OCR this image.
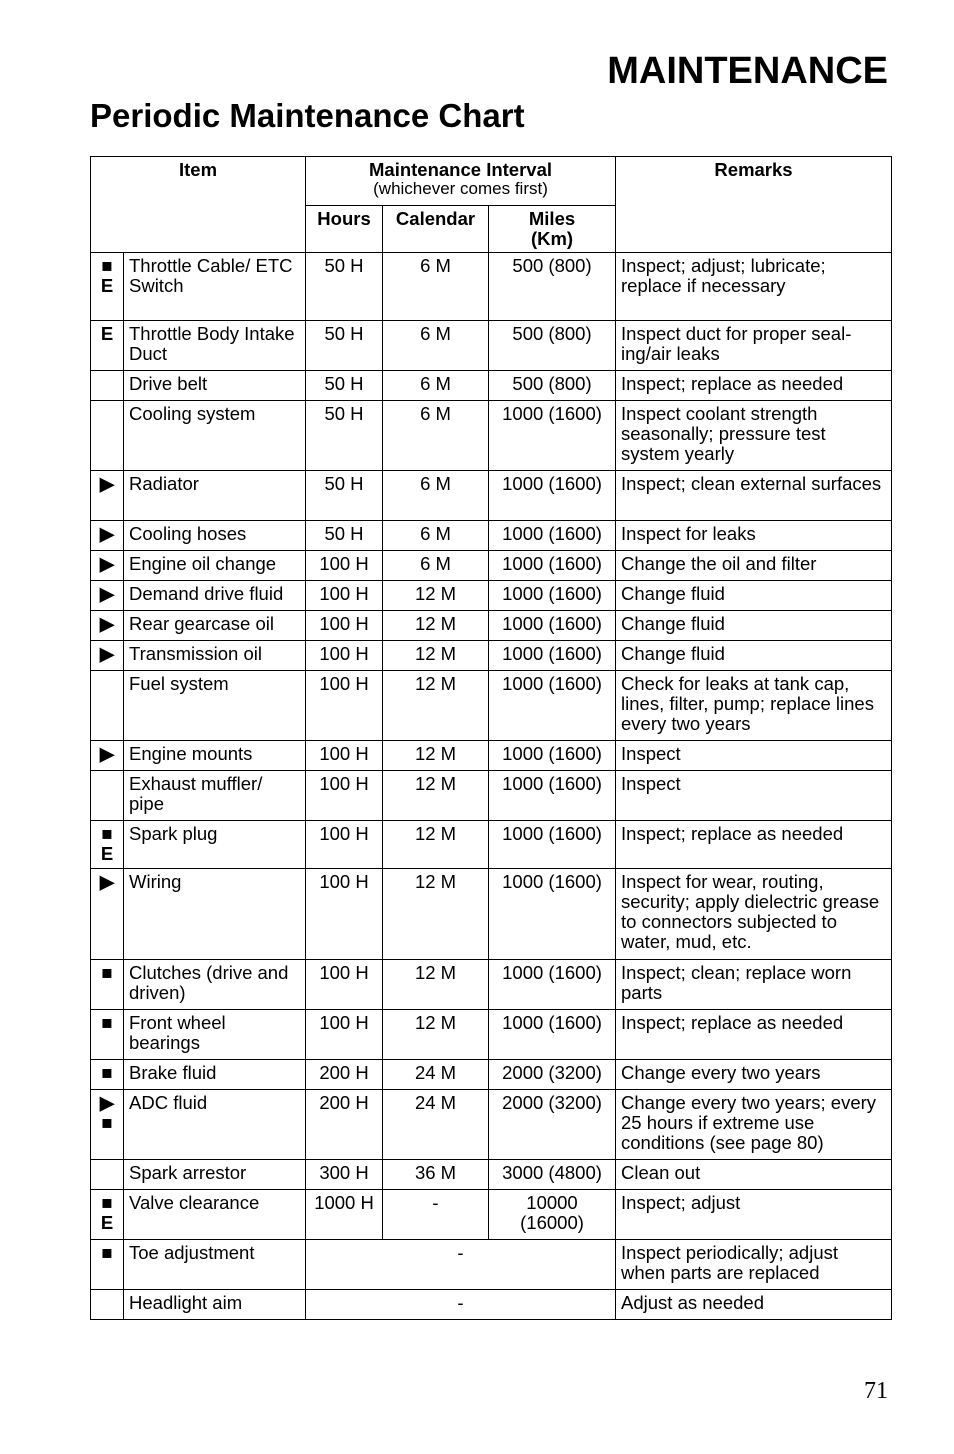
MAINTENANCE
Periodic Maintenance Chart
Item		Maintenance Interval
(whichever comes first)			Remarks
		Hours	Calendar	Miles
(Km)	

■
E	Throttle Cable/ ETC Switch	50 H	6 M	500 (800)	Inspect; adjust; lubricate; replace if necessary

E	Throttle Body Intake Duct	50 H	6 M	500 (800)	Inspect duct for proper seal-ing/air leaks
	Drive belt	50 H	6 M	500 (800)	Inspect; replace as needed
	Cooling system	50 H	6 M	1000 (1600)	Inspect coolant strength seasonally; pressure test system yearly

▶	Radiator	50 H	6 M	1000 (1600)	Inspect; clean external surfaces

▶	Cooling hoses	50 H	6 M	1000 (1600)	Inspect for leaks

▶	Engine oil change	100 H	6 M	1000 (1600)	Change the oil and filter

▶	Demand drive fluid	100 H	12 M	1000 (1600)	Change fluid

▶	Rear gearcase oil	100 H	12 M	1000 (1600)	Change fluid

▶	Transmission oil	100 H	12 M	1000 (1600)	Change fluid
	Fuel system	100 H	12 M	1000 (1600)	Check for leaks at tank cap, lines, filter, pump; replace lines every two years

▶	Engine mounts	100 H	12 M	1000 (1600)	Inspect
	Exhaust muffler/ pipe	100 H	12 M	1000 (1600)	Inspect

■
E	Spark plug	100 H	12 M	1000 (1600)	Inspect; replace as needed

▶	Wiring	100 H	12 M	1000 (1600)	Inspect for wear, routing, security; apply dielectric grease to connectors subjected to water, mud, etc.

■	Clutches (drive and driven)	100 H	12 M	1000 (1600)	Inspect; clean; replace worn parts

■	Front wheel bearings	100 H	12 M	1000 (1600)	Inspect; replace as needed

■	Brake fluid	200 H	24 M	2000 (3200)	Change every two years

▶
■	ADC fluid	200 H	24 M	2000 (3200)	Change every two years; every 25 hours if extreme use conditions (see page 80)
	Spark arrestor	300 H	36 M	3000 (4800)	Clean out

■
E	Valve clearance	1000 H	-	10000 (16000)	Inspect; adjust

■	Toe adjustment	-			Inspect periodically; adjust when parts are replaced
	Headlight aim	-			Adjust as needed
71
